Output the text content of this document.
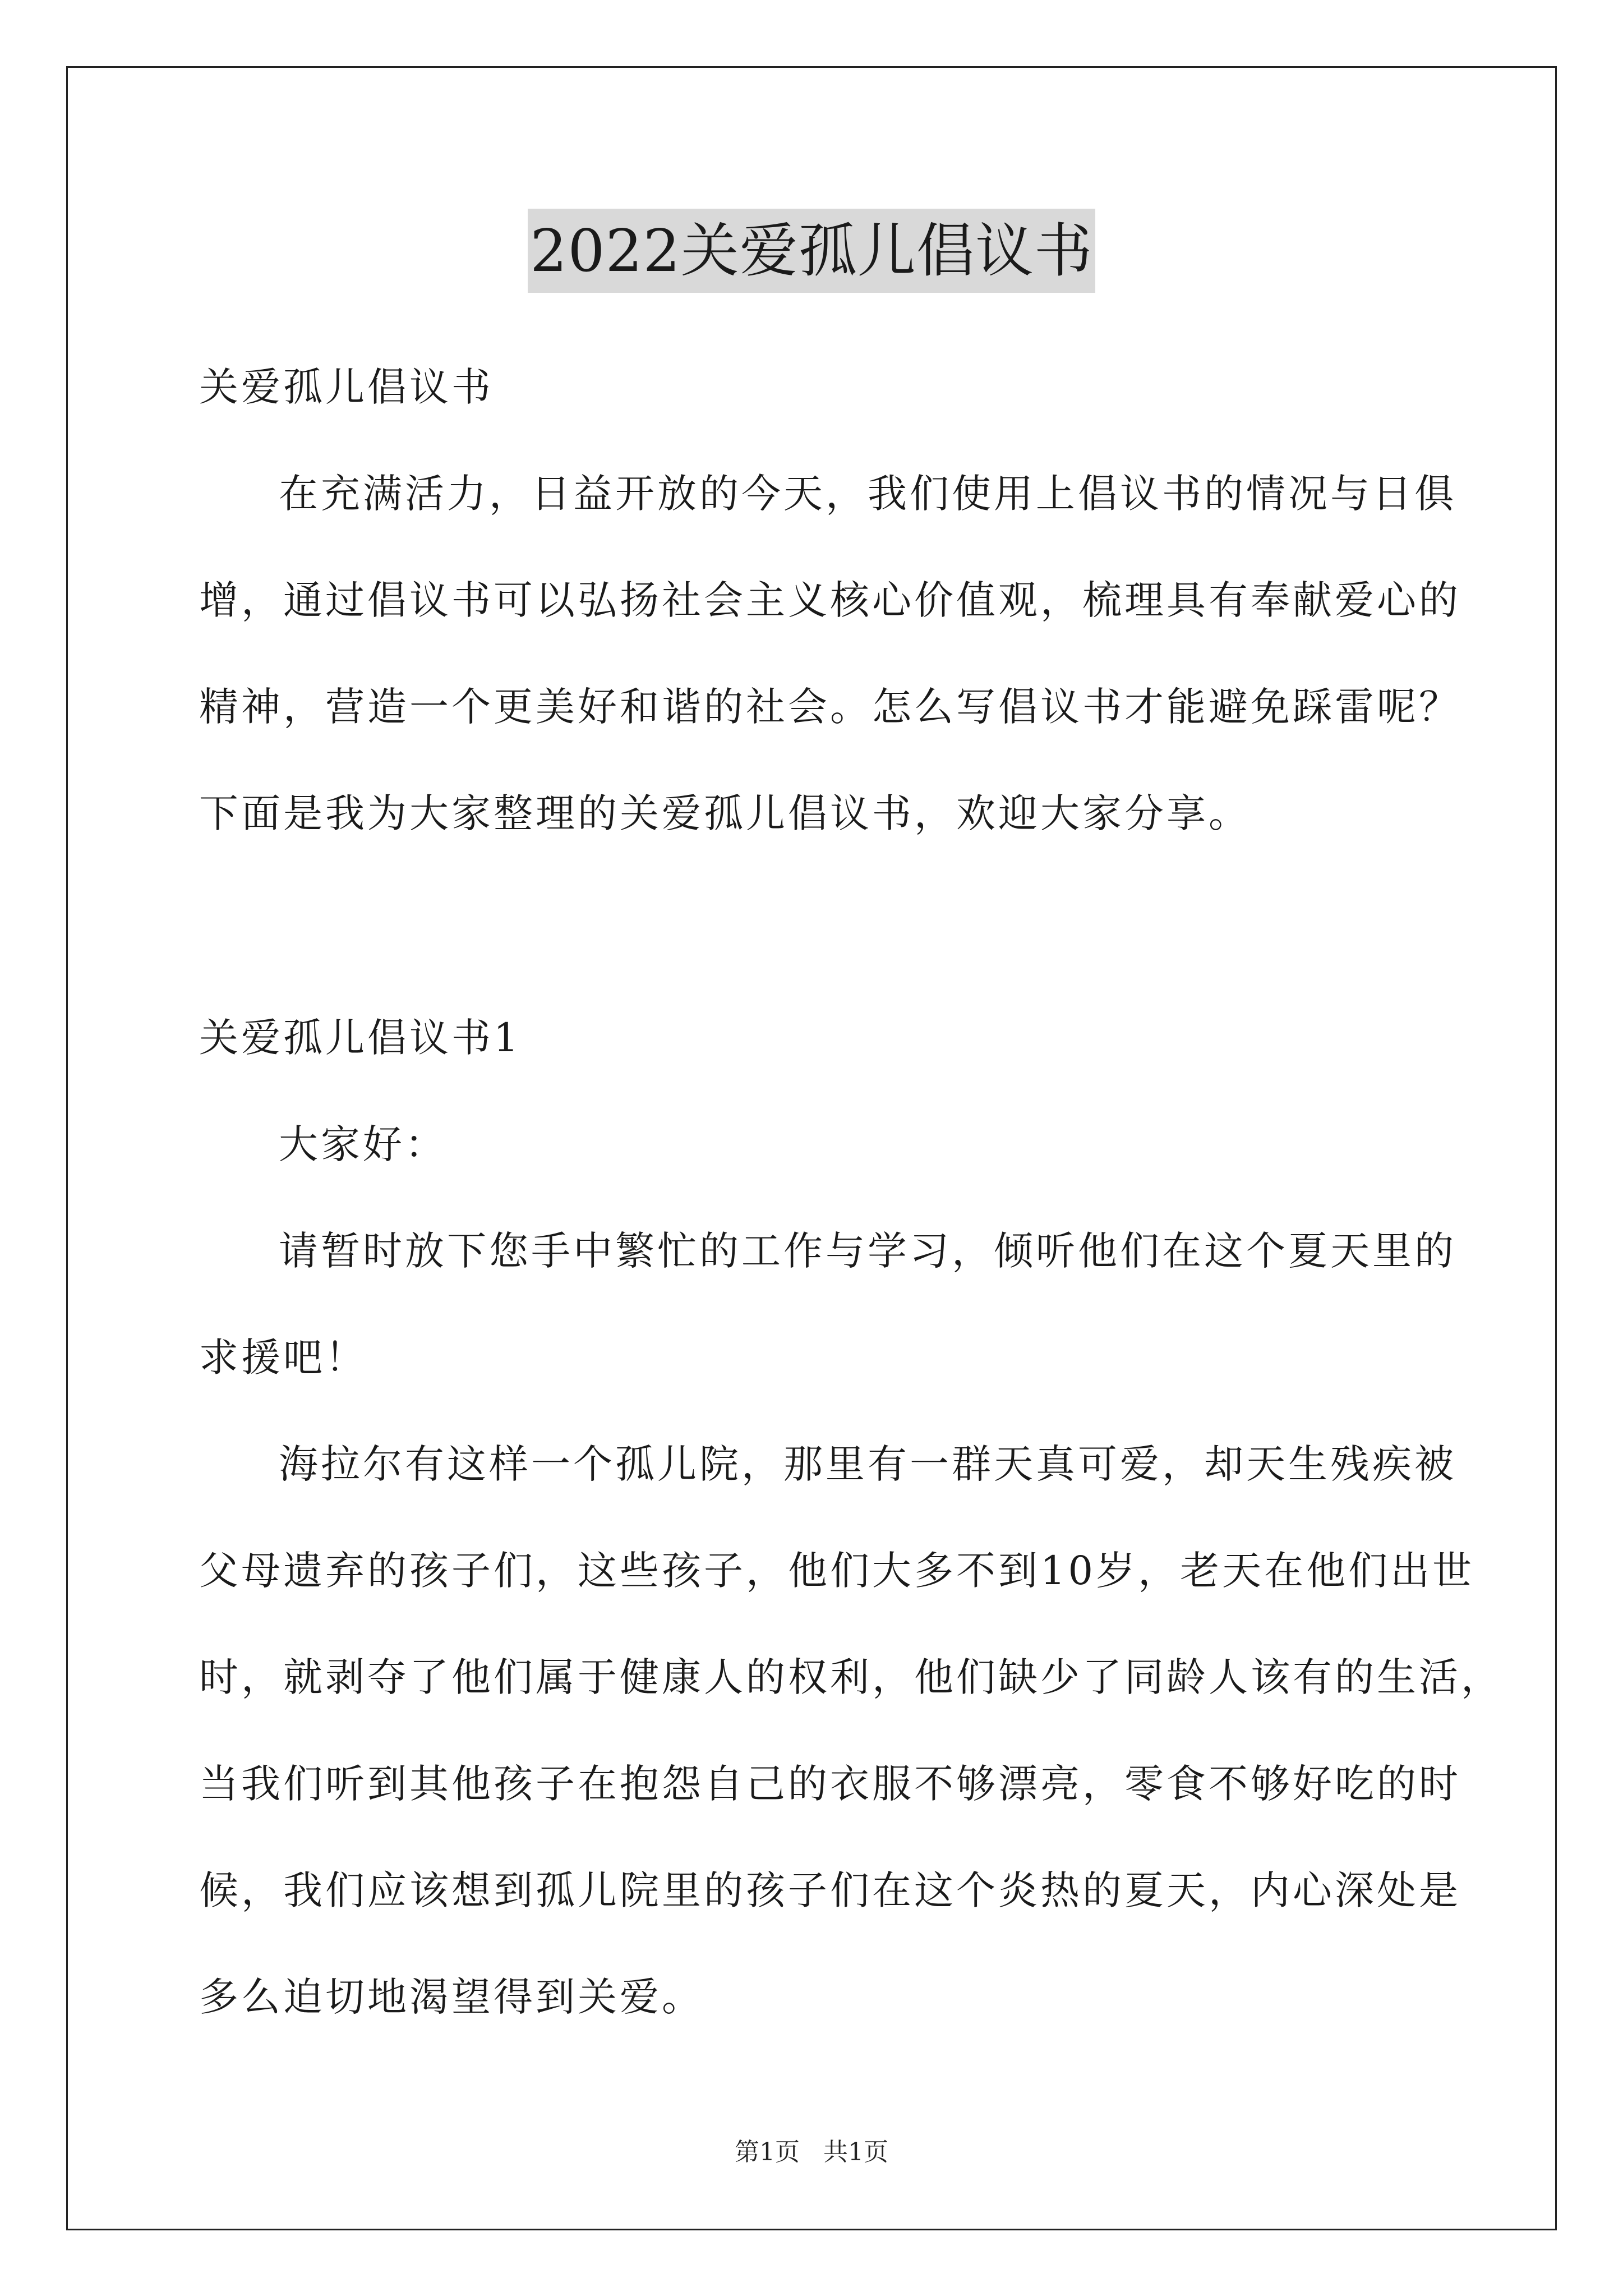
2022关爱孤儿倡议书

关爱孤儿倡议书

在充满活力，日益开放的今天，我们使用上倡议书的情况与日俱

增，通过倡议书可以弘扬社会主义核心价值观，梳理具有奉献爱心的

精神，营造一个更美好和谐的社会。怎么写倡议书才能避免踩雷呢？

下面是我为大家整理的关爱孤儿倡议书，欢迎大家分享。

关爱孤儿倡议书1

大家好：

请暂时放下您手中繁忙的工作与学习，倾听他们在这个夏天里的

求援吧！

海拉尔有这样一个孤儿院，那里有一群天真可爱，却天生残疾被

父母遗弃的孩子们，这些孩子，他们大多不到10岁，老天在他们出世

时，就剥夺了他们属于健康人的权利，他们缺少了同龄人该有的生活，

当我们听到其他孩子在抱怨自己的衣服不够漂亮，零食不够好吃的时

候，我们应该想到孤儿院里的孩子们在这个炎热的夏天，内心深处是

多么迫切地渴望得到关爱。

第1页 共1页
